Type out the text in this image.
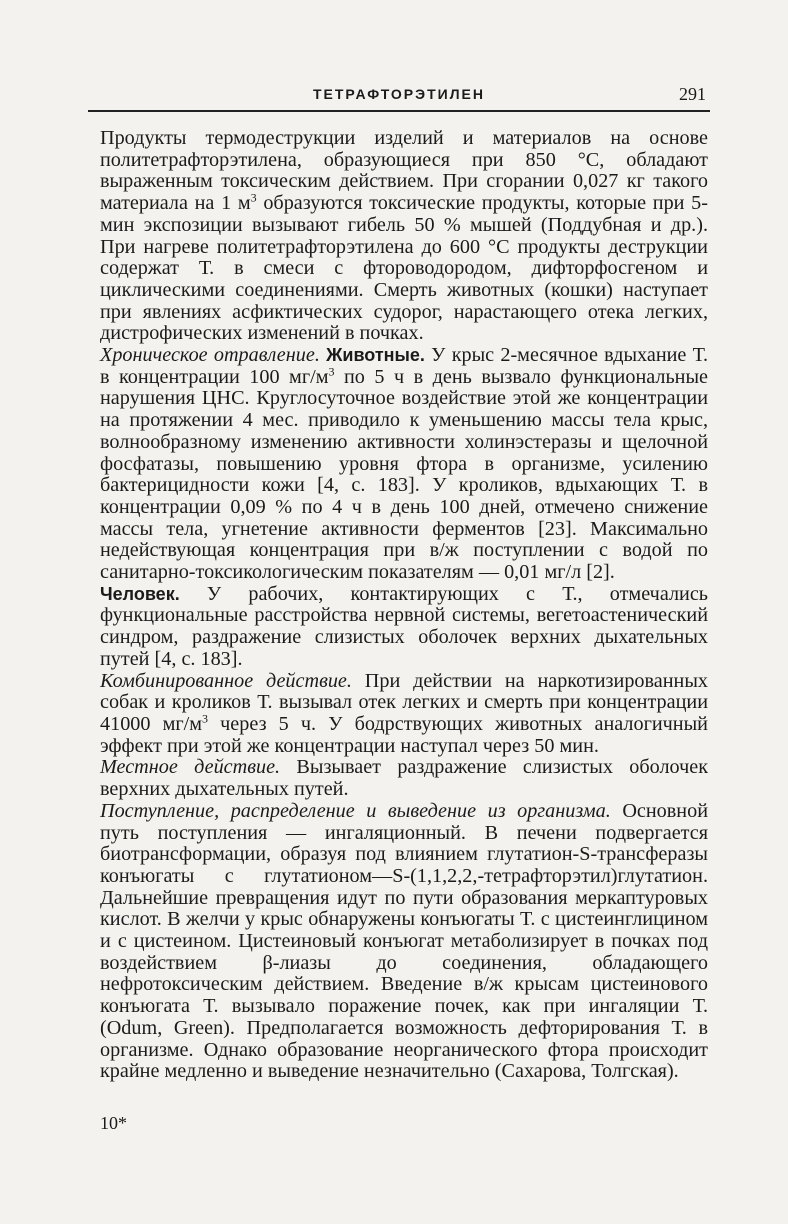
ТЕТРАФТОРЭТИЛЕН	291

Продукты термодеструкции изделий и материалов на основе политетрафторэтилена, образующиеся при 850 °С, обладают выраженным токсическим действием. При сгорании 0,027 кг такого материала на 1 $м^3$ образуются токсические продукты, которые при 5-мин экспозиции вызывают гибель 50 % мышей (Поддубная и др.). При нагреве политетрафторэтилена до 600 °С продукты деструкции содержат Т. в смеси с фтороводородом, дифторфосгеном и циклическими соединениями. Смерть животных (кошки) наступает при явлениях асфиктических судорог, нарастающего отека легких, дистрофических изменений в почках.

Хроническое отравление. Животные. У крыс 2-месячное вдыхание Т. в концентрации 100 $мг/м^3$ по 5 ч в день вызвало функциональные нарушения ЦНС. Круглосуточное воздействие этой же концентрации на протяжении 4 мес. приводило к уменьшению массы тела крыс, волнообразному изменению активности холинэстеразы и щелочной фосфатазы, повышению уровня фтора в организме, усилению бактерицидности кожи [4, с. 183]. У кроликов, вдыхающих Т. в концентрации 0,09 % по 4 ч в день 100 дней, отмечено снижение массы тела, угнетение активности ферментов [23]. Максимально недействующая концентрация при в/ж поступлении с водой по санитарно-токсикологическим показателям — 0,01 мг/л [2].

Человек. У рабочих, контактирующих с Т., отмечались функциональные расстройства нервной системы, вегетоастенический синдром, раздражение слизистых оболочек верхних дыхательных путей [4, с. 183].

Комбинированное действие. При действии на наркотизированных собак и кроликов Т. вызывал отек легких и смерть при концентрации 41000 $мг/м^3$ через 5 ч. У бодрствующих животных аналогичный эффект при этой же концентрации наступал через 50 мин.

Местное действие. Вызывает раздражение слизистых оболочек верхних дыхательных путей.

Поступление, распределение и выведение из организма. Основной путь поступления — ингаляционный. В печени подвергается биотрансформации, образуя под влиянием глутатион-S-трансферазы конъюгаты с глутатионом—S-(1,1,2,2,-тетрафторэтил)глутатион. Дальнейшие превращения идут по пути образования меркаптуровых кислот. В желчи у крыс обнаружены конъюгаты Т. с цистеинглицином и с цистеином. Цистеиновый конъюгат метаболизирует в почках под воздействием β-лиазы до соединения, обладающего нефротоксическим действием. Введение в/ж крысам цистеинового конъюгата Т. вызывало поражение почек, как при ингаляции Т. (Odum, Green). Предполагается возможность дефторирования Т. в организме. Однако образование неорганического фтора происходит крайне медленно и выведение незначительно (Сахарова, Толгская).

10*
